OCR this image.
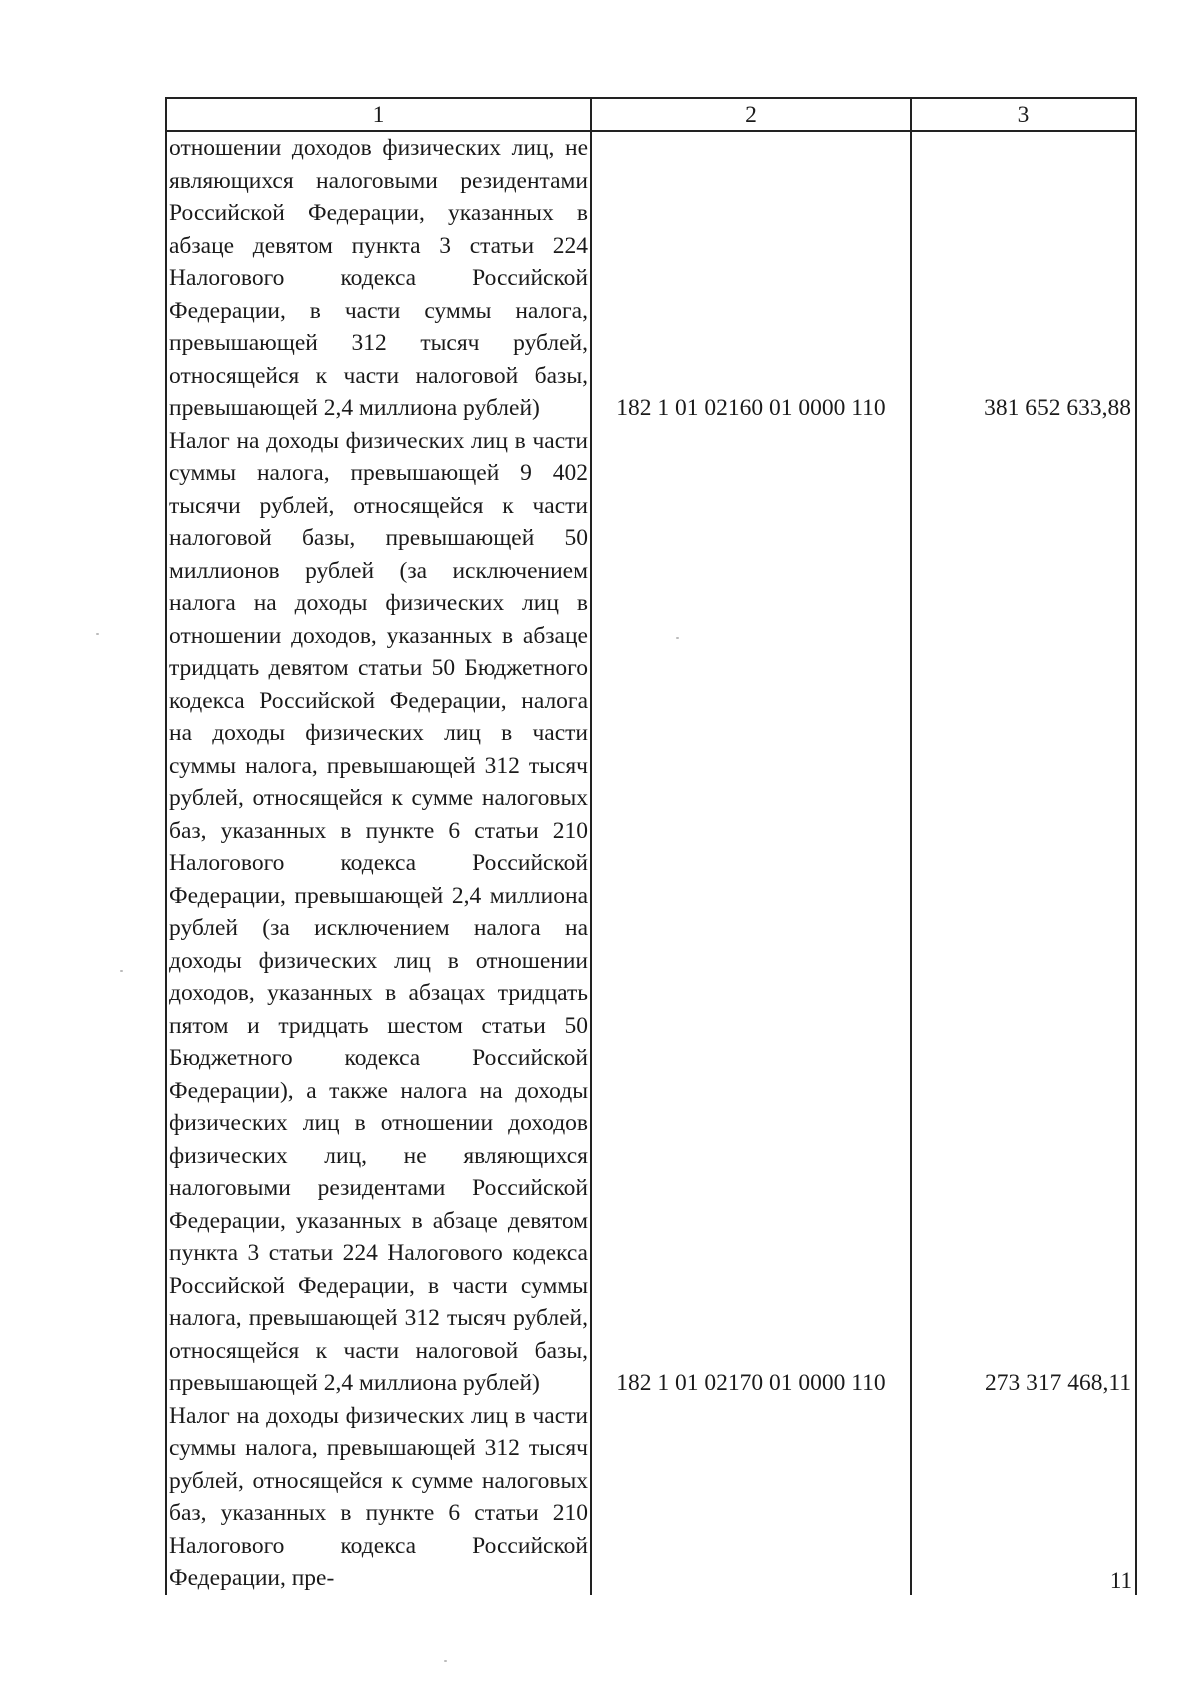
1	2	3

отношении доходов физических лиц, не являющихся налоговыми резидентами Российской Федерации, указанных в абзаце девятом пункта 3 статьи 224 Налогового кодекса Российской Федерации, в части суммы налога, превышающей 312 тысяч рублей, относящейся к части налоговой базы, превышающей 2,4 миллиона рублей)	182 1 01 02160 01 0000 110	381 652 633,88

Налог на доходы физических лиц в части суммы налога, превышающей 9 402 тысячи рублей, относящейся к части налоговой базы, превышающей 50 миллионов рублей (за исключением налога на доходы физических лиц в отношении доходов, указанных в абзаце тридцать девятом статьи 50 Бюджетного кодекса Российской Федерации, налога на доходы физических лиц в части суммы налога, превышающей 312 тысяч рублей, относящейся к сумме налоговых баз, указанных в пункте 6 статьи 210 Налогового кодекса Российской Федерации, превышающей 2,4 миллиона рублей (за исключением налога на доходы физических лиц в отношении доходов, указанных в абзацах тридцать пятом и тридцать шестом статьи 50 Бюджетного кодекса Российской Федерации), а также налога на доходы физических лиц в отношении доходов физических лиц, не являющихся налоговыми резидентами Российской Федерации, указанных в абзаце девятом пункта 3 статьи 224 Налогового кодекса Российской Федерации, в части суммы налога, превышающей 312 тысяч рублей, относящейся к части налоговой базы, превышающей 2,4 миллиона рублей)	182 1 01 02170 01 0000 110	273 317 468,11

Налог на доходы физических лиц в части суммы налога, превышающей 312 тысяч рублей, относящейся к сумме налоговых баз, указанных в пункте 6 статьи 210 Налогового кодекса Российской Федерации, пре-		
			11
